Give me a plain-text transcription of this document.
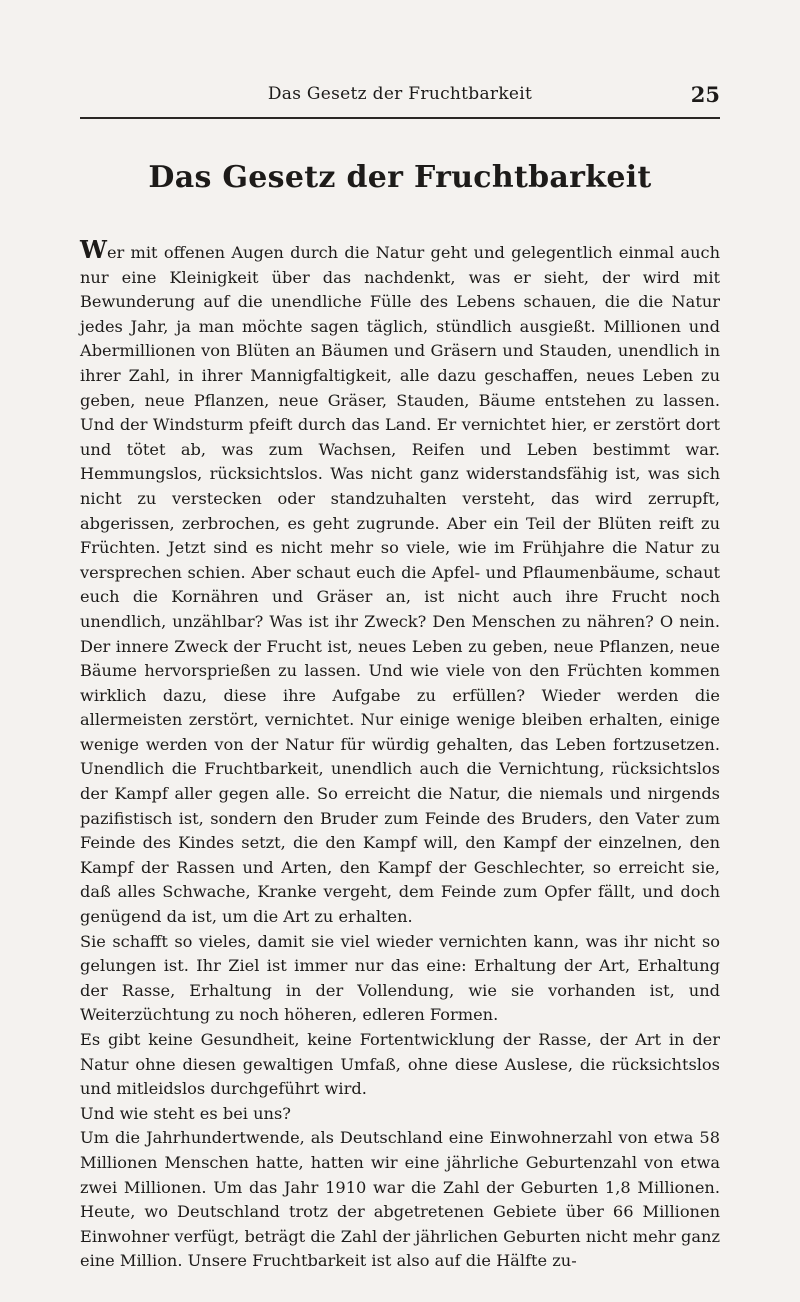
Das Gesetz der Fruchtbarkeit	25
Das Gesetz der Fruchtbarkeit

Wer mit offenen Augen durch die Natur geht und gelegentlich einmal auch nur eine Kleinigkeit über das nachdenkt, was er sieht, der wird mit Bewunderung auf die unendliche Fülle des Lebens schauen, die die Natur jedes Jahr, ja man möchte sagen täglich, stündlich ausgießt. Millionen und Abermillionen von Blüten an Bäumen und Gräsern und Stauden, unendlich in ihrer Zahl, in ihrer Mannigfaltigkeit, alle dazu geschaffen, neues Leben zu geben, neue Pflanzen, neue Gräser, Stauden, Bäume entstehen zu lassen. Und der Windsturm pfeift durch das Land. Er vernichtet hier, er zerstört dort und tötet ab, was zum Wachsen, Reifen und Leben bestimmt war. Hemmungslos, rücksichtslos. Was nicht ganz widerstandsfähig ist, was sich nicht zu verstecken oder standzuhalten versteht, das wird zerrupft, abgerissen, zerbrochen, es geht zugrunde. Aber ein Teil der Blüten reift zu Früchten. Jetzt sind es nicht mehr so viele, wie im Frühjahre die Natur zu versprechen schien. Aber schaut euch die Apfel- und Pflaumenbäume, schaut euch die Kornähren und Gräser an, ist nicht auch ihre Frucht noch unendlich, unzählbar? Was ist ihr Zweck? Den Menschen zu nähren? O nein. Der innere Zweck der Frucht ist, neues Leben zu geben, neue Pflanzen, neue Bäume hervorsprießen zu lassen. Und wie viele von den Früchten kommen wirklich dazu, diese ihre Aufgabe zu erfüllen? Wieder werden die allermeisten zerstört, vernichtet. Nur einige wenige bleiben erhalten, einige wenige werden von der Natur für würdig gehalten, das Leben fortzusetzen. Unendlich die Fruchtbarkeit, unendlich auch die Vernichtung, rücksichtslos der Kampf aller gegen alle. So erreicht die Natur, die niemals und nirgends pazifistisch ist, sondern den Bruder zum Feinde des Bruders, den Vater zum Feinde des Kindes setzt, die den Kampf will, den Kampf der einzelnen, den Kampf der Rassen und Arten, den Kampf der Geschlechter, so erreicht sie, daß alles Schwache, Kranke vergeht, dem Feinde zum Opfer fällt, und doch genügend da ist, um die Art zu erhalten.

Sie schafft so vieles, damit sie viel wieder vernichten kann, was ihr nicht so gelungen ist. Ihr Ziel ist immer nur das eine: Erhaltung der Art, Erhaltung der Rasse, Erhaltung in der Vollendung, wie sie vorhanden ist, und Weiterzüchtung zu noch höheren, edleren Formen.

Es gibt keine Gesundheit, keine Fortentwicklung der Rasse, der Art in der Natur ohne diesen gewaltigen Umfaß, ohne diese Auslese, die rücksichtslos und mitleidslos durchgeführt wird.

Und wie steht es bei uns?

Um die Jahrhundertwende, als Deutschland eine Einwohnerzahl von etwa 58 Millionen Menschen hatte, hatten wir eine jährliche Geburtenzahl von etwa zwei Millionen. Um das Jahr 1910 war die Zahl der Geburten 1,8 Millionen. Heute, wo Deutschland trotz der abgetretenen Gebiete über 66 Millionen Einwohner verfügt, beträgt die Zahl der jährlichen Geburten nicht mehr ganz eine Million. Unsere Fruchtbarkeit ist also auf die Hälfte zu-
